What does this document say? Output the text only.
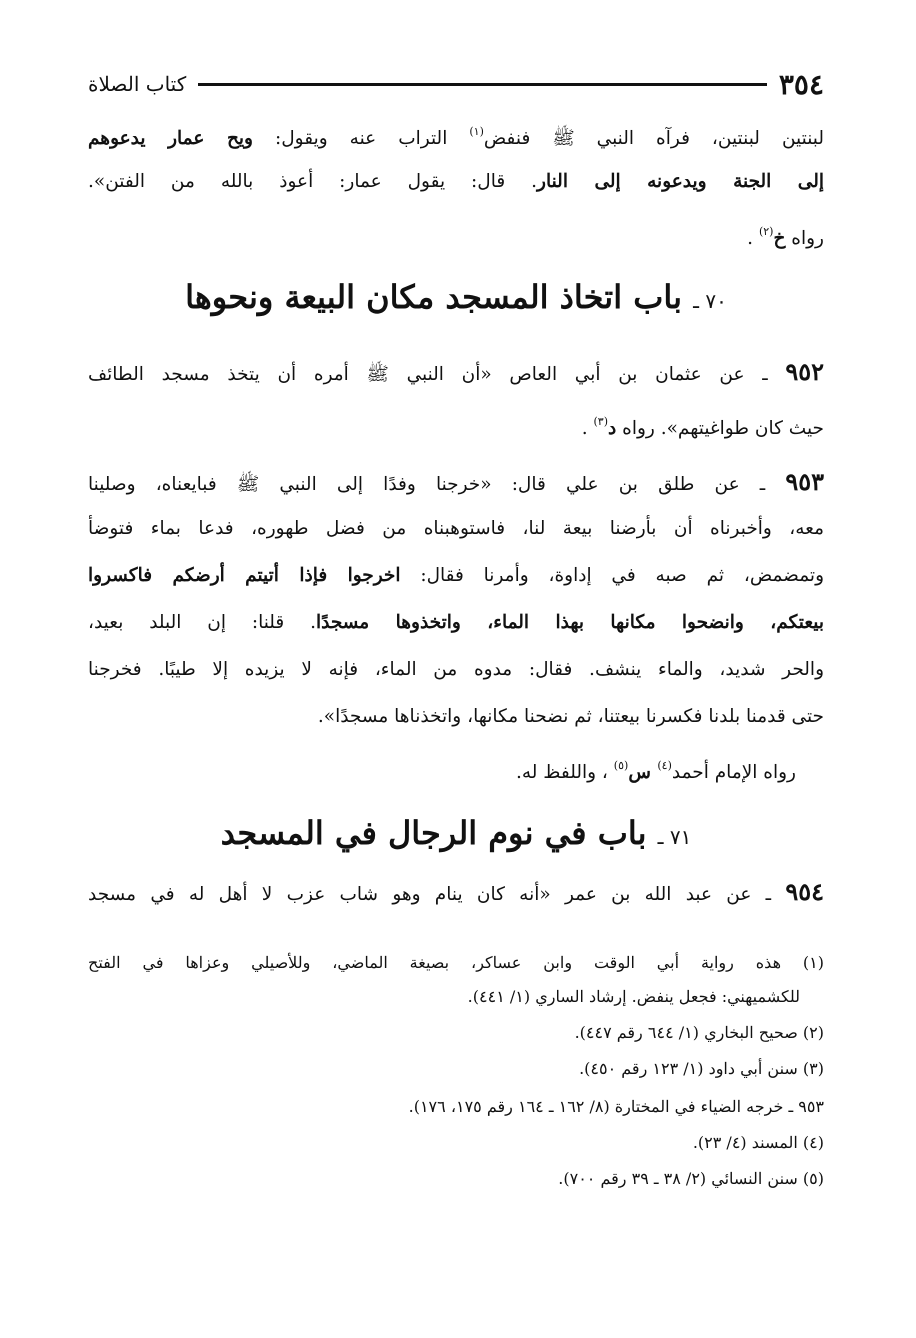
٣٥٤
كتاب الصلاة
لبنتين لبنتين، فرآه النبي ﷺ فنفض$^{(١)}$ التراب عنه ويقول: ويح عمار يدعوهم
إلى الجنة ويدعونه إلى النار. قال: يقول عمار: أعوذ بالله من الفتن».
رواه خ$^{(٢)}$ .
٧٠ ـ باب اتخاذ المسجد مكان البيعة ونحوها
٩٥٢ ـ عن عثمان بن أبي العاص «أن النبي ﷺ أمره أن يتخذ مسجد الطائف
حيث كان طواغيتهم». رواه د$^{(٣)}$ .
٩٥٣ ـ عن طلق بن علي قال: «خرجنا وفدًا إلى النبي ﷺ فبايعناه، وصلينا
معه، وأخبرناه أن بأرضنا بيعة لنا، فاستوهبناه من فضل طهوره، فدعا بماء فتوضأ
وتمضمض، ثم صبه في إداوة، وأمرنا فقال: اخرجوا فإذا أتيتم أرضكم فاكسروا
بيعتكم، وانضحوا مكانها بهذا الماء، واتخذوها مسجدًا. قلنا: إن البلد بعيد،
والحر شديد، والماء ينشف. فقال: مدوه من الماء، فإنه لا يزيده إلا طيبًا. فخرجنا
حتى قدمنا بلدنا فكسرنا بيعتنا، ثم نضحنا مكانها، واتخذناها مسجدًا».
رواه الإمام أحمد$^{(٤)}$ س$^{(٥)}$ ، واللفظ له.
٧١ ـ باب في نوم الرجال في المسجد
٩٥٤ ـ عن عبد الله بن عمر «أنه كان ينام وهو شاب عزب لا أهل له في مسجد
(١) هذه رواية أبي الوقت وابن عساكر، بصيغة الماضي، وللأصيلي وعزاها في الفتح
للكشميهني: فجعل ينفض. إرشاد الساري (١/ ٤٤١).
(٢) صحيح البخاري (١/ ٦٤٤ رقم ٤٤٧).
(٣) سنن أبي داود (١/ ١٢٣ رقم ٤٥٠).
٩٥٣ ـ خرجه الضياء في المختارة (٨/ ١٦٢ ـ ١٦٤ رقم ١٧٥، ١٧٦).
(٤) المسند (٤/ ٢٣).
(٥) سنن النسائي (٢/ ٣٨ ـ ٣٩ رقم ٧٠٠).
